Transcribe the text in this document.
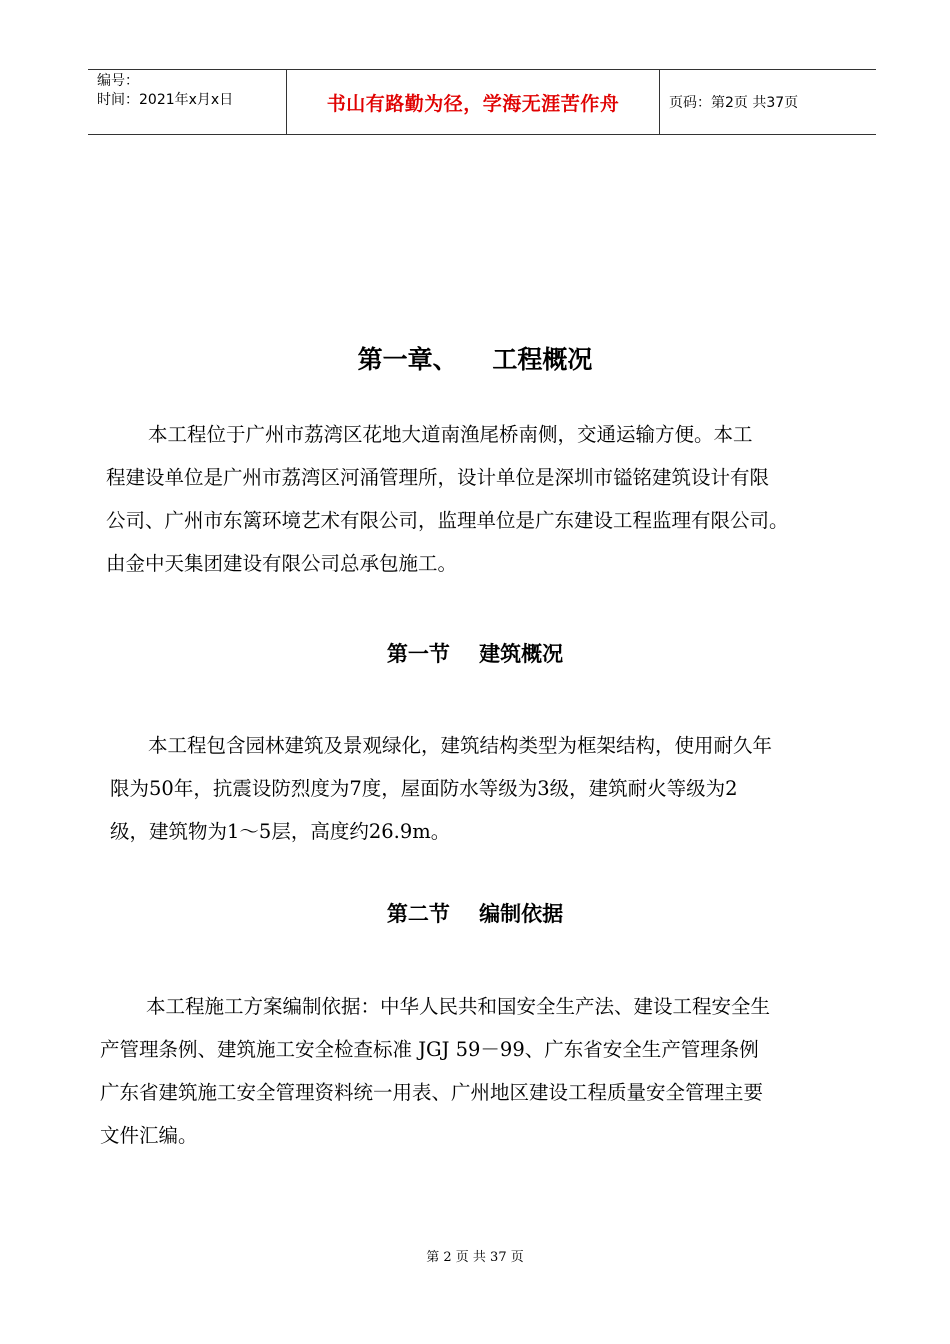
编号：
时间：2021年x月x日	书山有路勤为径，学海无涯苦作舟	页码：第2页 共37页
第一章、    工程概况
本工程位于广州市荔湾区花地大道南渔尾桥南侧，交通运输方便。本工
程建设单位是广州市荔湾区河涌管理所，设计单位是深圳市镒铭建筑设计有限
公司、广州市东篱环境艺术有限公司，监理单位是广东建设工程监理有限公司。
由金中天集团建设有限公司总承包施工。
第一节    建筑概况
本工程包含园林建筑及景观绿化，建筑结构类型为框架结构，使用耐久年
限为50年，抗震设防烈度为7度，屋面防水等级为3级，建筑耐火等级为2
级，建筑物为1～5层，高度约26.9m。
第二节    编制依据
本工程施工方案编制依据：中华人民共和国安全生产法、建设工程安全生
产管理条例、建筑施工安全检查标准 JGJ 59－99、广东省安全生产管理条例
广东省建筑施工安全管理资料统一用表、广州地区建设工程质量安全管理主要
文件汇编。
第 2 页 共 37 页
